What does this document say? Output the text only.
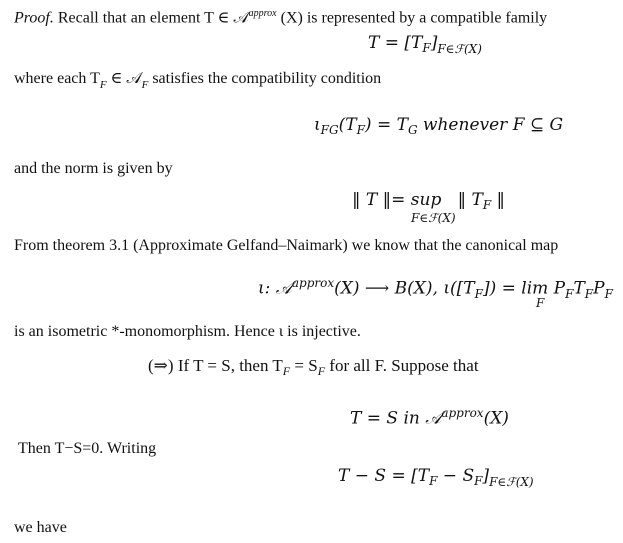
Proof. Recall that an element T ∈ 𝒜$^{approx}$ (X) is represented by a compatible family
$T = [T_F]_{F\in ℱ(X)}$
where each $T_F$ ∈ 𝒜$_F$ satisfies the compatibility condition
$\iota_{FG}(T_F) = T_G$ whenever F ⊆ G
and the norm is given by
‖ T ‖= sup ‖ $T_F$ ‖
F∈ℱ(X)
From theorem 3.1 (Approximate Gelfand–Naimark) we know that the canonical map
ι: 𝒜$^{approx}$(X) ⟶ B(X), $\iota([T_F]) = \lim P_FT_FP_F$
F
is an isometric *-monomorphism. Hence ι is injective.
(⇒) If T = S, then $T_F = S_F$ for all F. Suppose that
T = S in 𝒜$^{approx}$(X)
Then T−S=0. Writing
$T - S = [T_F - S_F]_{F\in ℱ(X)}$
we have
